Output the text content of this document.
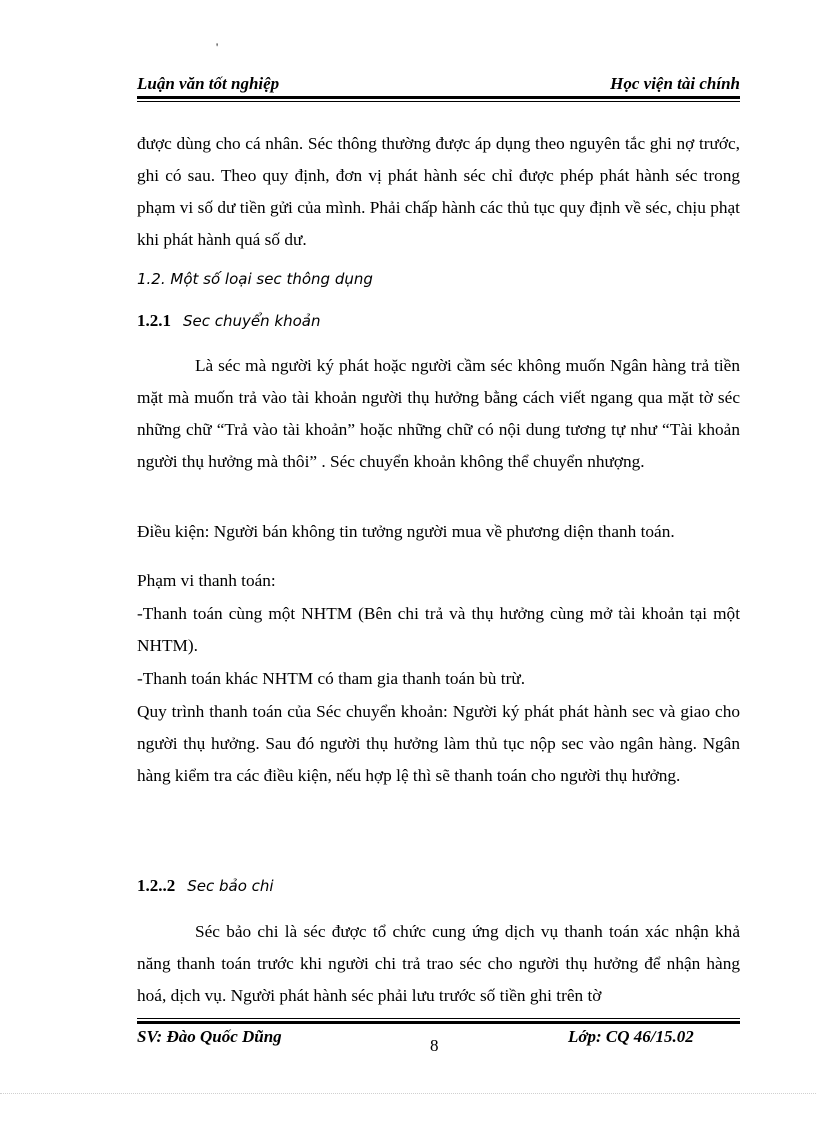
'
Luận văn tốt nghiệp	Học viện tài chính
được dùng cho cá nhân. Séc thông thường được áp dụng theo nguyên tắc ghi nợ trước, ghi có sau. Theo quy định, đơn vị phát hành séc chỉ được phép phát hành séc trong phạm vi số dư tiền gửi của mình. Phải chấp hành các thủ tục quy định về séc, chịu phạt khi phát hành quá số dư.
1.2. Một số loại sec thông dụng
1.2.1 Sec chuyển khoản
Là séc mà người ký phát hoặc người cầm séc không muốn Ngân hàng trả tiền mặt mà muốn trả vào tài khoản người thụ hưởng bằng cách viết ngang qua mặt tờ séc những chữ “Trả vào tài khoản” hoặc những chữ có nội dung tương tự như “Tài khoản người thụ hưởng mà thôi” . Séc chuyển khoản không thể chuyển nhượng.
Điều kiện: Người bán không tin tưởng người mua về phương diện thanh toán.
Phạm vi thanh toán:
-Thanh toán cùng một NHTM (Bên chi trả và thụ hưởng cùng mở tài khoản tại một NHTM).
-Thanh toán khác NHTM có tham gia thanh toán bù trừ.
Quy trình thanh toán của Séc chuyển khoản: Người ký phát phát hành sec và giao cho người thụ hưởng. Sau đó người thụ hưởng làm thủ tục nộp sec vào ngân hàng. Ngân hàng kiểm tra các điều kiện, nếu hợp lệ thì sẽ thanh toán cho người thụ hưởng.
1.2..2 Sec bảo chi
Séc bảo chi là séc được tổ chức cung ứng dịch vụ thanh toán xác nhận khả năng thanh toán trước khi người chi trả trao séc cho người thụ hưởng để nhận hàng hoá, dịch vụ. Người phát hành séc phải lưu trước số tiền ghi trên tờ
SV: Đào Quốc Dũng	8	Lớp: CQ 46/15.02
